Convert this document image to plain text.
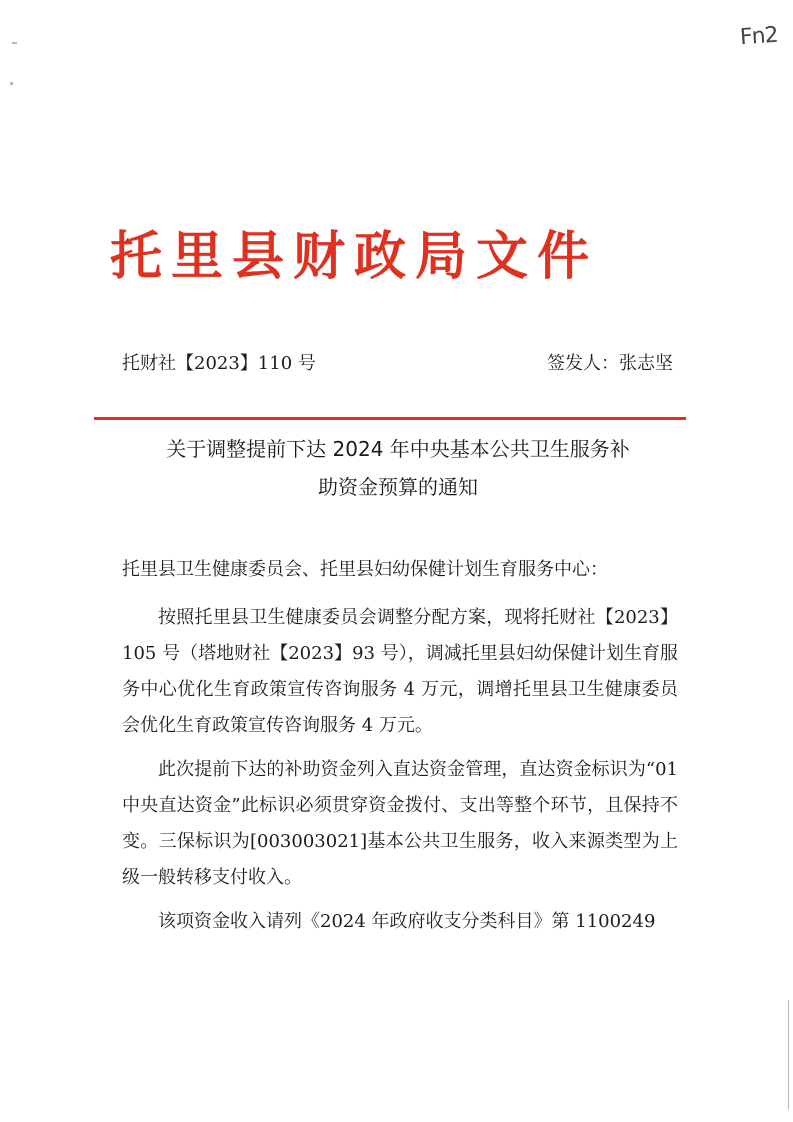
Fn2
托里县财政局文件
托财社【2023】110 号	签发人：张志坚
关于调整提前下达 2024 年中央基本公共卫生服务补
助资金预算的通知

托里县卫生健康委员会、托里县妇幼保健计划生育服务中心：

按照托里县卫生健康委员会调整分配方案，现将托财社【2023】105 号（塔地财社【2023】93 号），调减托里县妇幼保健计划生育服务中心优化生育政策宣传咨询服务 4 万元，调增托里县卫生健康委员会优化生育政策宣传咨询服务 4 万元。

此次提前下达的补助资金列入直达资金管理，直达资金标识为“01 中央直达资金”此标识必须贯穿资金拨付、支出等整个环节，且保持不变。三保标识为[003003021]基本公共卫生服务，收入来源类型为上级一般转移支付收入。

该项资金收入请列《2024 年政府收支分类科目》第 1100249
